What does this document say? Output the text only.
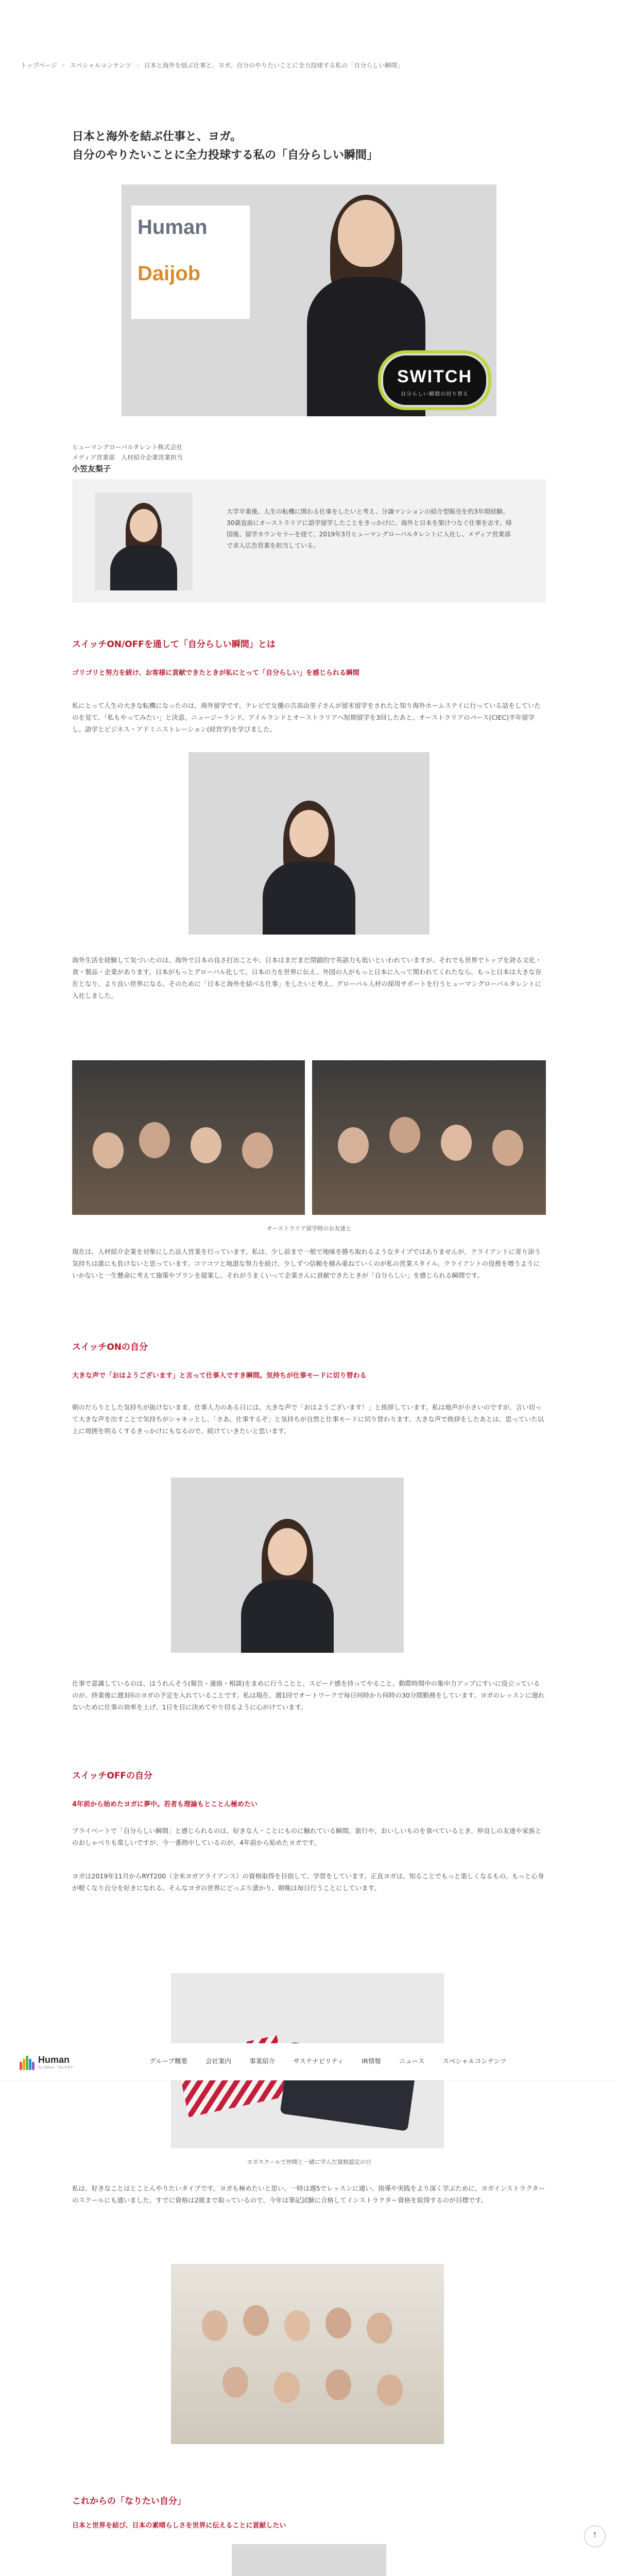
トップページ › スペシャルコンテンツ › 日本と海外を結ぶ仕事と、ヨガ。自分のやりたいことに全力投球する私の「自分らしい瞬間」
日本と海外を結ぶ仕事と、ヨガ。
自分のやりたいことに全力投球する私の「自分らしい瞬間」
Human
Daijob
SWITCH
自分らしい瞬間の切り替え
ヒューマングローバルタレント株式会社
メディア営業部　人材紹介企業営業担当
小笠友梨子
大学卒業後、人生の転機に関わる仕事をしたいと考え、分譲マンションの紹介型販売を約3年間経験。30歳直前にオーストラリアに語学留学したことをきっかけに、海外と日本を架けつなぐ仕事を志す。帰国後、留学カウンセラーを経て、2019年3月ヒューマングローバルタレントに入社し、メディア営業部で求人広告営業を担当している。
スイッチON/OFFを通して「自分らしい瞬間」とは
ゴリゴリと努力を続け、お客様に貢献できたときが私にとって「自分らしい」を感じられる瞬間
私にとって人生の大きな転機になったのは、海外留学です。テレビで女優の吉高由里子さんが留米留学をされたと知り海外ホームステイに行っている話をしていたのを見て、「私もやってみたい」と決意。ニュージーランド、アイルランドとオーストラリアへ短期留学を3回したあと、オーストラリアのパース(CIEC)半年留学し、語学とビジネス・アドミニストレーション(経営学)を学びました。
海外生活を経験して気づいたのは、海外で日本の良さ打出ことや、日本はまだまだ閉鎖的で英語力も低いといわれていますが、それでも世界でトップを誇る文化・食・製品・企業があります。日本がもっとグローバル化して、日本の力を世界に伝え、外国の人がもっと日本に入って関われてくれたなら、もっと日本は大きな存在となり、より良い世界になる。そのために「日本と海外を結べる仕事」をしたいと考え、グローバル人材の採用サポートを行うヒューマングローバルタレントに入社しました。
オーストラリア留学時のお友達と
現在は、人材紹介企業を対象にした法人営業を行っています。私は、少し前まで一般で地味を勝ち取れるようなタイプではありませんが、クライアントに寄り添う気持ちは誰にも負けないと思っています。コツコツと地道な努力を続け、少しずつ信頼を積み重ねていくのが私の営業スタイル。クライアントの役務を増うようにいかないと一生懸命に考えて施策やプランを提案し、それがうまくいって企業さんに貢献できたときが「自分らしい」を感じられる瞬間です。
スイッチONの自分
大きな声で「おはようございます」と言って仕事人ですき瞬間。気持ちが仕事モードに切り替わる
朝のだらりとした気持ちが抜けないまま、仕事人力のある日には、大きな声で「おはようございます！」と挨拶しています。私は地声が小さいのですが、言い切って大きな声を出すことで気持ちがシャキッとし、「さあ、仕事するぞ」と気持ちが自然と仕事モードに切り替わります。大きな声で挨拶をしたあとは、思っていた以上に周囲を明るくするきっかけにもなるので、続けていきたいと思います。
仕事で意識しているのは、ほうれんそう(報告・連絡・相談)をまめに行うことと、スピード感を持ってやること。動際時間中の集中力アップにすいに役立っているのが、終業後に週3回のヨガの予定を入れていることです。私は現在、週1回でオートワークで毎日何時から何時の30分間勤務をしています。ヨガのレッスンに遅れないために仕事の効率を上げ、1日を目に決めてやり切るように心がけています。
スイッチOFFの自分
4年前から始めたヨガに夢中。若者も理論もとことん極めたい
プライベートで「自分らしい瞬間」と感じられるのは、好きな人・ことにものに触れている瞬間。旅行や、おいしいものを食べているとき、仲良しの友達や家族とのおしゃべりも楽しいですが、今一番熱中しているのが、4年前から始めたヨガです。
ヨガは2019年11月からRYT200（全米ヨガアライアンス）の資格取得を目指して、学習をしています。正直ヨガは、知ることでもっと楽しくなるもの。もっと心身が軽くなり自分を好きになれる。そんなヨガの世界にどっぷり漬かり、朝晩は毎日行うことにしています。
ヨガスクールで仲間と一緒に学んだ資格認定の日
私は、好きなことはとことんやりたいタイプです。ヨガも極めたいと思い、一時は週5でレッスンに通い、指導や実践をより深く学ぶために、ヨガインストラクターのスクールにも通いました。すでに資格は2級まで取っているので、今年は筆記試験に合格してインストラクター資格を取得するのが目標です。
これからの「なりたい自分」
日本と世界を結び、日本の素晴らしさを世界に伝えることに貢献したい
Human
GLOBAL TALENT
グループ概要	会社案内	事業紹介	サステナビリティ	IR情報	ニュース	スペシャルコンテンツ
↑
